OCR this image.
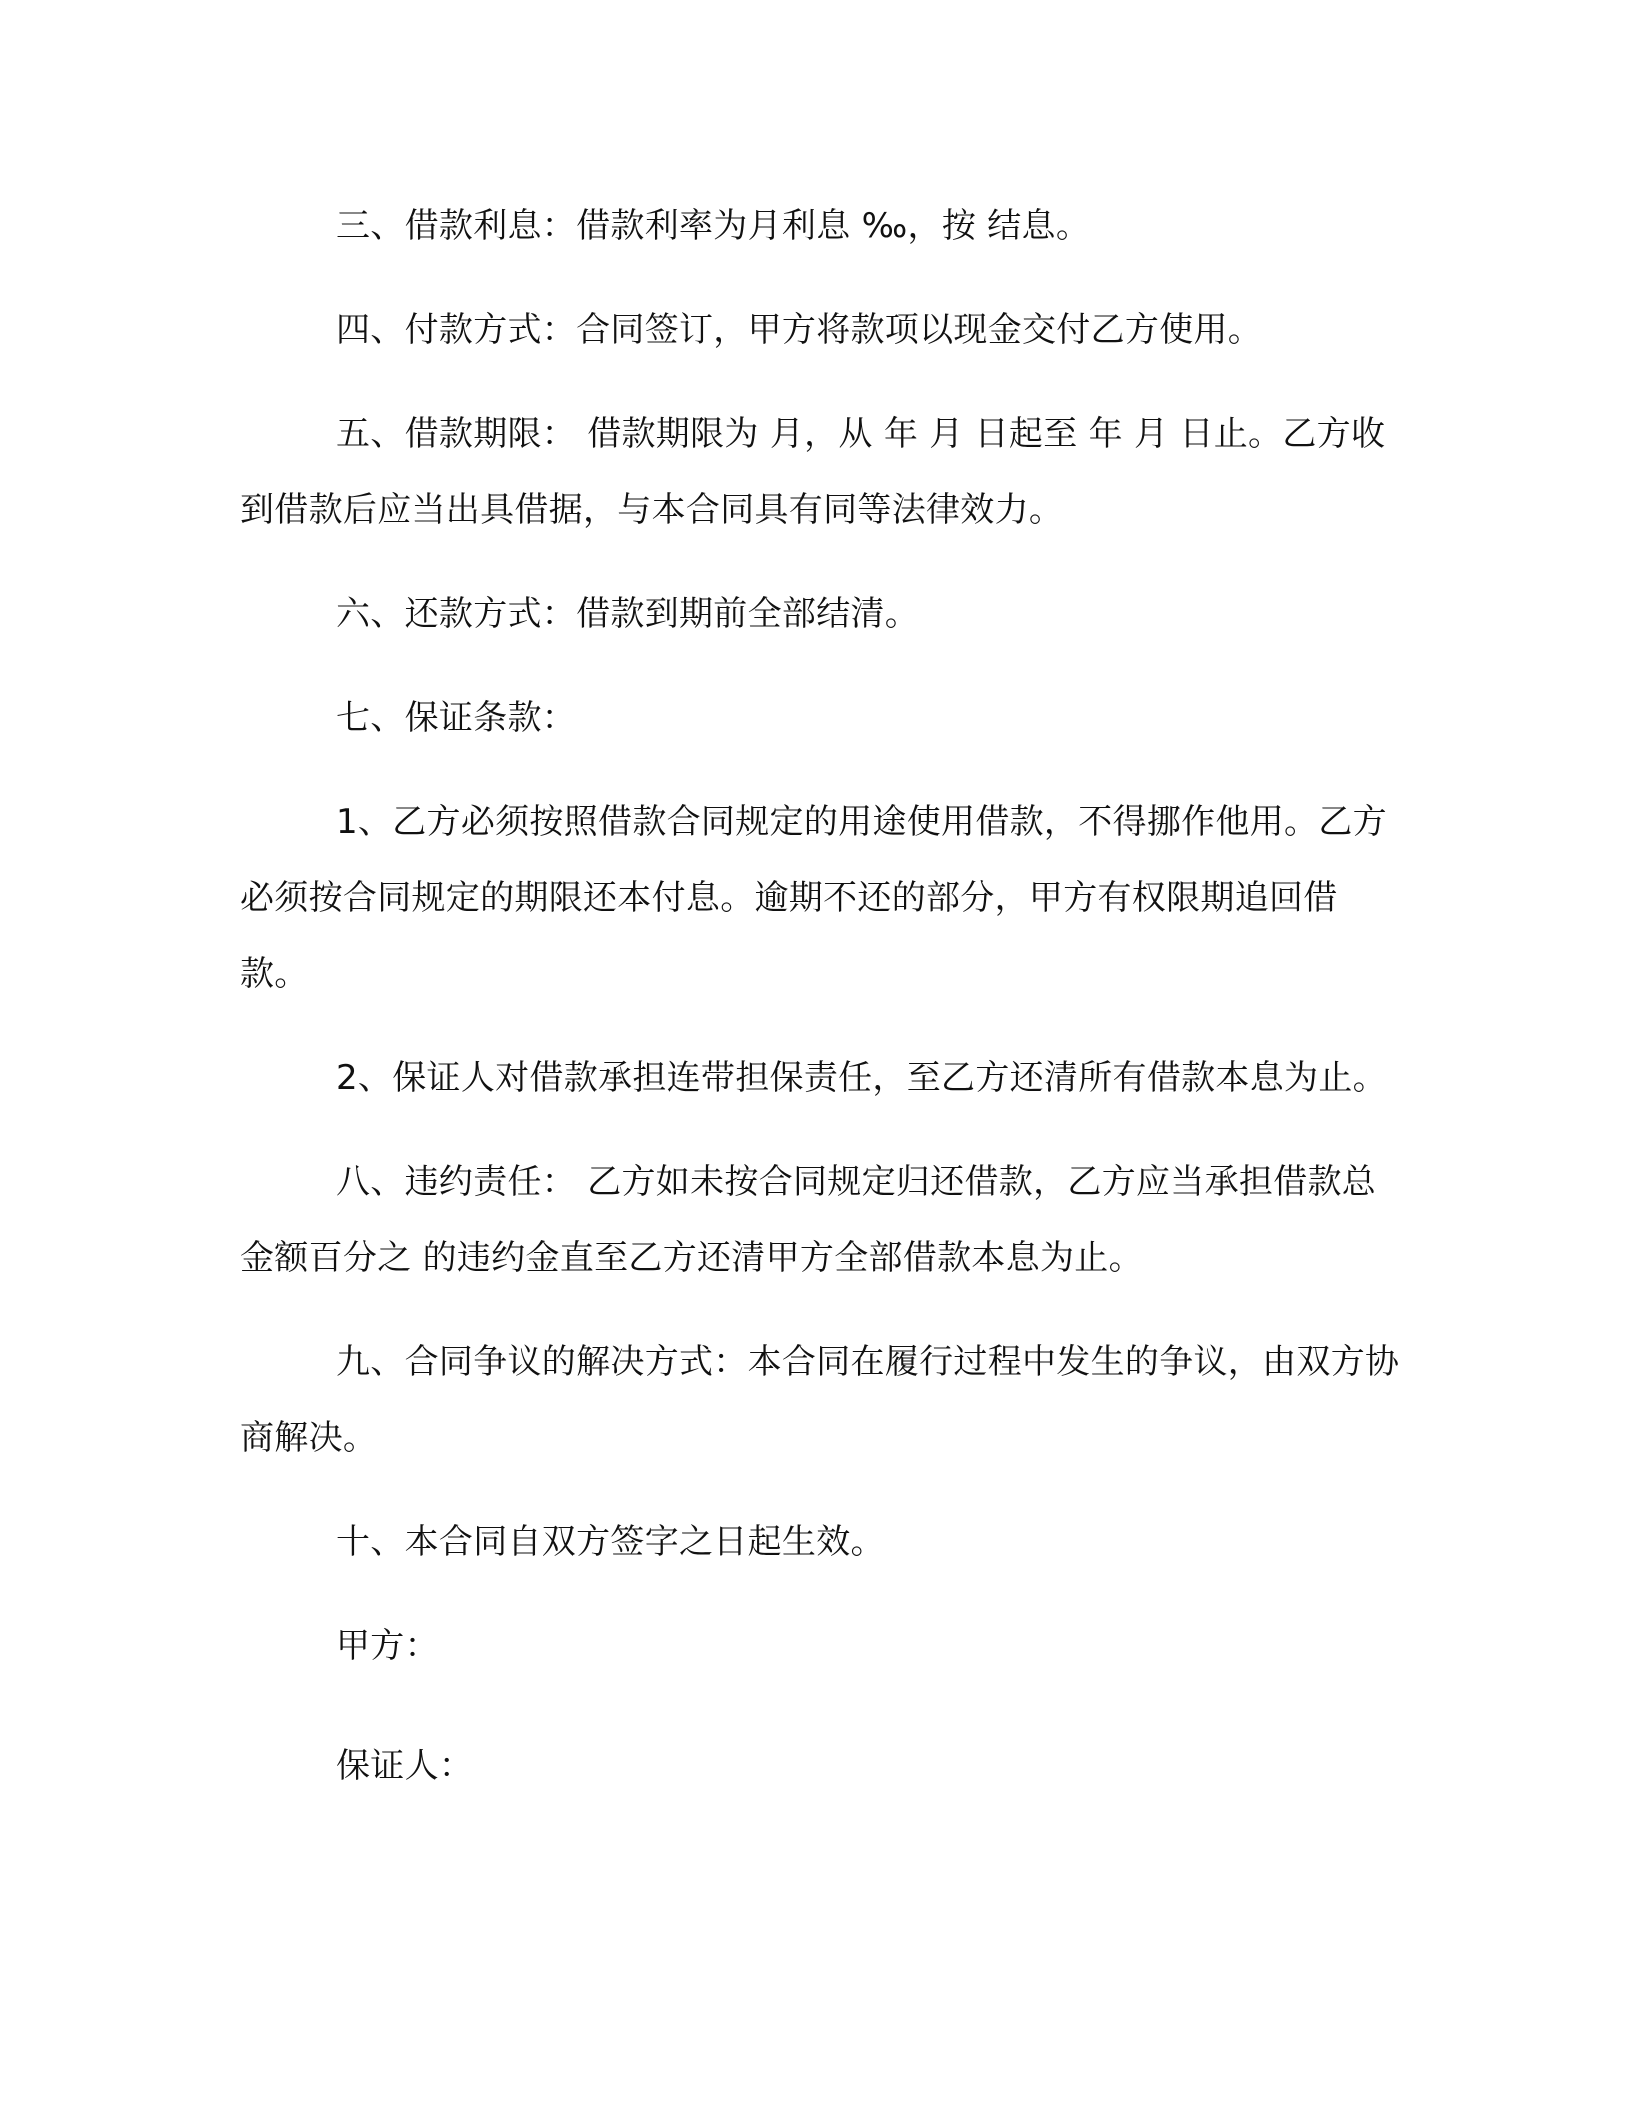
三、借款利息：借款利率为月利息 ‰，按 结息。

四、付款方式：合同签订，甲方将款项以现金交付乙方使用。

五、借款期限： 借款期限为 月，从 年 月 日起至 年 月 日止。乙方收到借款后应当出具借据，与本合同具有同等法律效力。

六、还款方式：借款到期前全部结清。

七、保证条款：

1、乙方必须按照借款合同规定的用途使用借款，不得挪作他用。乙方必须按合同规定的期限还本付息。逾期不还的部分，甲方有权限期追回借款。

2、保证人对借款承担连带担保责任，至乙方还清所有借款本息为止。

八、违约责任： 乙方如未按合同规定归还借款，乙方应当承担借款总金额百分之 的违约金直至乙方还清甲方全部借款本息为止。

九、合同争议的解决方式：本合同在履行过程中发生的争议，由双方协商解决。

十、本合同自双方签字之日起生效。

甲方：

保证人：
